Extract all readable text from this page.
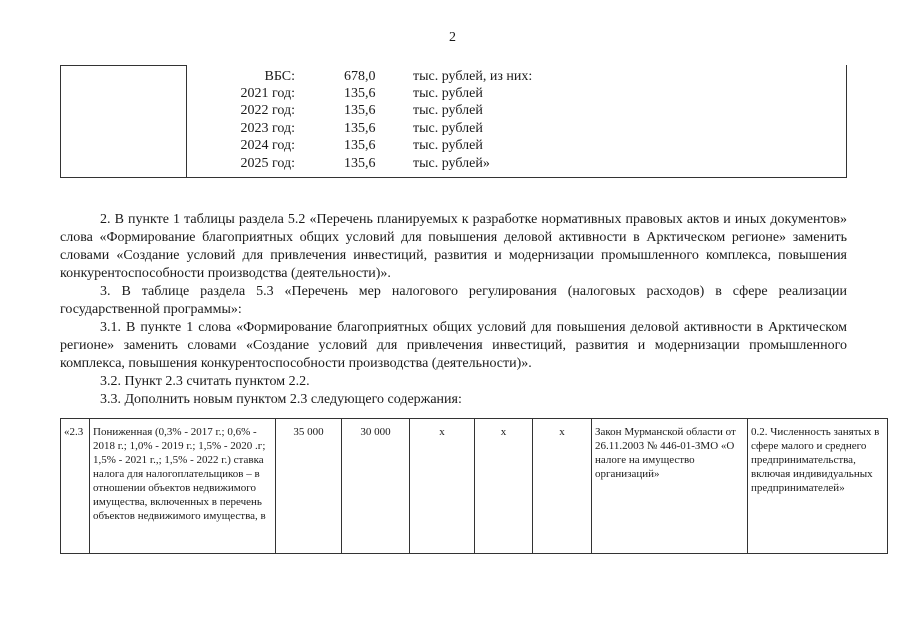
2
ВБС:	678,0	тыс. рублей, из них:
2021 год:	135,6	тыс. рублей
2022 год:	135,6	тыс. рублей
2023 год:	135,6	тыс. рублей
2024 год:	135,6	тыс. рублей
2025 год:	135,6	тыс. рублей»

2. В пункте 1 таблицы раздела 5.2 «Перечень планируемых к разработке нормативных правовых актов и иных документов» слова «Формирование благоприятных общих условий для повышения деловой активности в Арктическом регионе» заменить словами «Создание условий для привлечения инвестиций, развития и модернизации промышленного комплекса, повышения конкурентоспособности производства (деятельности)».

3. В таблице раздела 5.3 «Перечень мер налогового регулирования (налоговых расходов) в сфере реализации государственной программы»:

3.1. В пункте 1 слова «Формирование благоприятных общих условий для повышения деловой активности в Арктическом регионе» заменить словами «Создание условий для привлечения инвестиций, развития и модернизации промышленного комплекса, повышения конкурентоспособности производства (деятельности)».

3.2. Пункт 2.3 считать пунктом 2.2.

3.3. Дополнить новым пунктом 2.3 следующего содержания:

«2.3	Пониженная (0,3% - 2017 г.; 0,6% - 2018 г.; 1,0% - 2019 г.; 1,5% - 2020 .г; 1,5% - 2021 г.,; 1,5% - 2022 г.) ставка налога для налогоплательщиков – в отношении объектов недвижимого имущества, включенных в перечень объектов недвижимого имущества, в	35 000	30 000	х	х	х	Закон Мурманской области от 26.11.2003 № 446-01-ЗМО «О налоге на имущество организаций»	0.2. Численность занятых в сфере малого и среднего предпринимательства, включая индивидуальных предпринимателей»
